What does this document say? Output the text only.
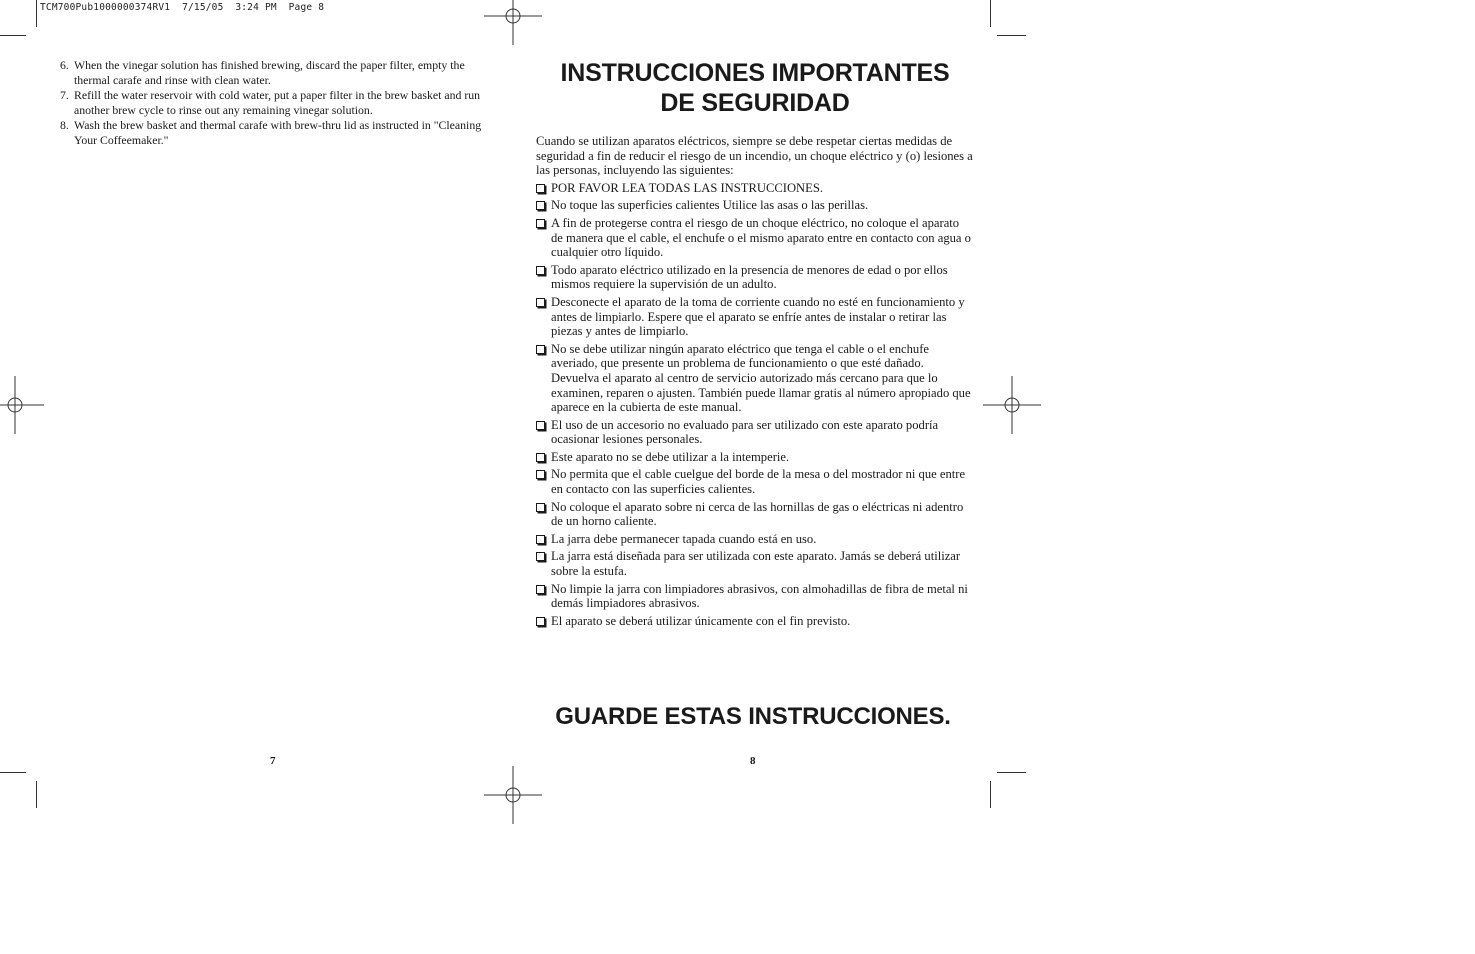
TCM700Pub1000000374RV1  7/15/05  3:24 PM  Page 8
6. When the vinegar solution has finished brewing, discard the paper filter, empty the thermal carafe and rinse with clean water.
7. Refill the water reservoir with cold water, put a paper filter in the brew basket and run another brew cycle to rinse out any remaining vinegar solution.
8. Wash the brew basket and thermal carafe with brew-thru lid as instructed in "Cleaning Your Coffeemaker."
7
INSTRUCCIONES IMPORTANTES
DE SEGURIDAD

Cuando se utilizan aparatos eléctricos, siempre se debe respetar ciertas medidas de seguridad a fin de reducir el riesgo de un incendio, un choque eléctrico y (o) lesiones a las personas, incluyendo las siguientes:

POR FAVOR LEA TODAS LAS INSTRUCCIONES.
No toque las superficies calientes Utilice las asas o las perillas.
A fin de protegerse contra el riesgo de un choque eléctrico, no coloque el aparato de manera que el cable, el enchufe o el mismo aparato entre en contacto con agua o cualquier otro líquido.
Todo aparato eléctrico utilizado en la presencia de menores de edad o por ellos mismos requiere la supervisión de un adulto.
Desconecte el aparato de la toma de corriente cuando no esté en funcionamiento y antes de limpiarlo. Espere que el aparato se enfríe antes de instalar o retirar las piezas y antes de limpiarlo.
No se debe utilizar ningún aparato eléctrico que tenga el cable o el enchufe averiado, que presente un problema de funcionamiento o que esté dañado. Devuelva el aparato al centro de servicio autorizado más cercano para que lo examinen, reparen o ajusten. También puede llamar gratis al número apropiado que aparece en la cubierta de este manual.
El uso de un accesorio no evaluado para ser utilizado con este aparato podría ocasionar lesiones personales.
Este aparato no se debe utilizar a la intemperie.
No permita que el cable cuelgue del borde de la mesa o del mostrador ni que entre en contacto con las superficies calientes.
No coloque el aparato sobre ni cerca de las hornillas de gas o eléctricas ni adentro de un horno caliente.
La jarra debe permanecer tapada cuando está en uso.
La jarra está diseñada para ser utilizada con este aparato. Jamás se deberá utilizar sobre la estufa.
No limpie la jarra con limpiadores abrasivos, con almohadillas de fibra de metal ni demás limpiadores abrasivos.
El aparato se deberá utilizar únicamente con el fin previsto.
GUARDE ESTAS INSTRUCCIONES.
8
